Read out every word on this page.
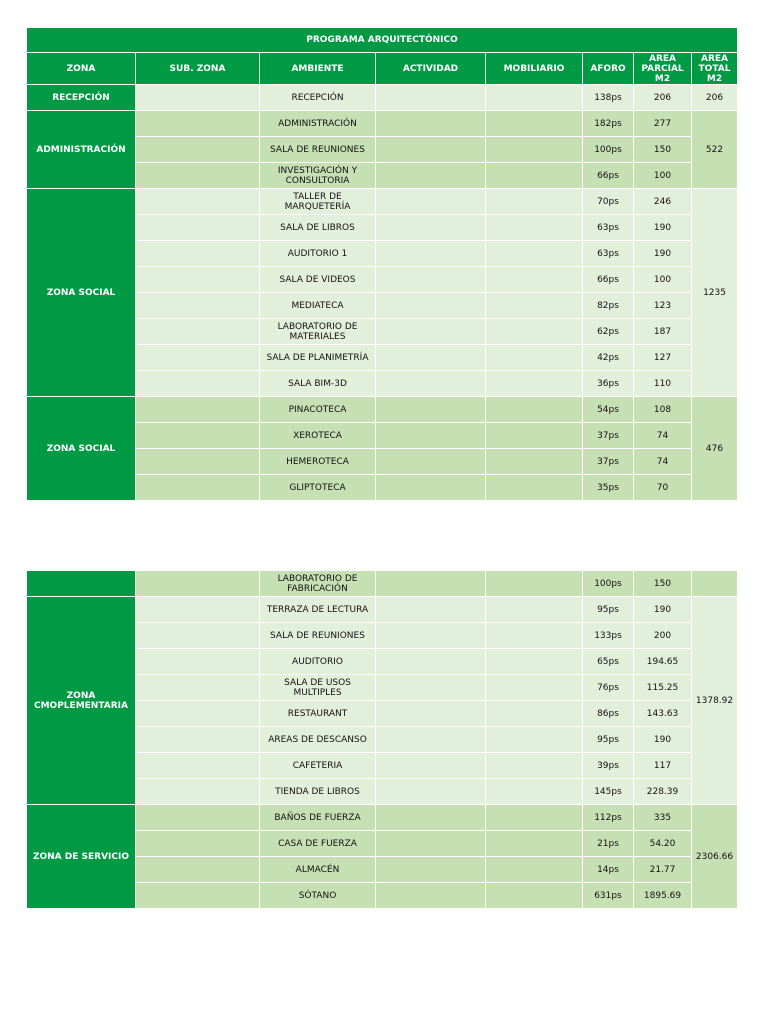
PROGRAMA ARQUITECTÓNICO							
ZONA	SUB. ZONA	AMBIENTE	ACTIVIDAD	MOBILIARIO	AFORO	AREA PARCIAL M2	AREA TOTAL M2
RECEPCIÓN		RECEPCIÓN			138ps	206	206
ADMINISTRACIÓN		ADMINISTRACIÓN			182ps	277	522
		SALA DE REUNIONES			100ps	150	
		INVESTIGACIÓN Y CONSULTORIA			66ps	100	
ZONA SOCIAL		TALLER DE MARQUETERÍA			70ps	246	1235
		SALA DE LIBROS			63ps	190	
		AUDITORIO 1			63ps	190	
		SALA DE VIDEOS			66ps	100	
		MEDIATECA			82ps	123	
		LABORATORIO DE MATERIALES			62ps	187	
		SALA DE PLANIMETRÍA			42ps	127	
		SALA BIM-3D			36ps	110	
ZONA SOCIAL		PINACOTECA			54ps	108	476
		XEROTECA			37ps	74	
		HEMEROTECA			37ps	74	
		GLIPTOTECA			35ps	70	
		LABORATORIO DE FABRICACIÓN			100ps	150	
ZONA CMOPLEMENTARIA		TERRAZA DE LECTURA			95ps	190	1378.92
		SALA DE REUNIONES			133ps	200	
		AUDITORIO			65ps	194.65	
		SALA DE USOS MULTIPLES			76ps	115.25	
		RESTAURANT			86ps	143.63	
		AREAS DE DESCANSO			95ps	190	
		CAFETERIA			39ps	117	
		TIENDA DE LIBROS			145ps	228.39	
ZONA DE SERVICIO		BAÑOS DE FUERZA			112ps	335	2306.66
		CASA DE FUERZA			21ps	54.20	
		ALMACÉN			14ps	21.77	
		SÓTANO			631ps	1895.69	
